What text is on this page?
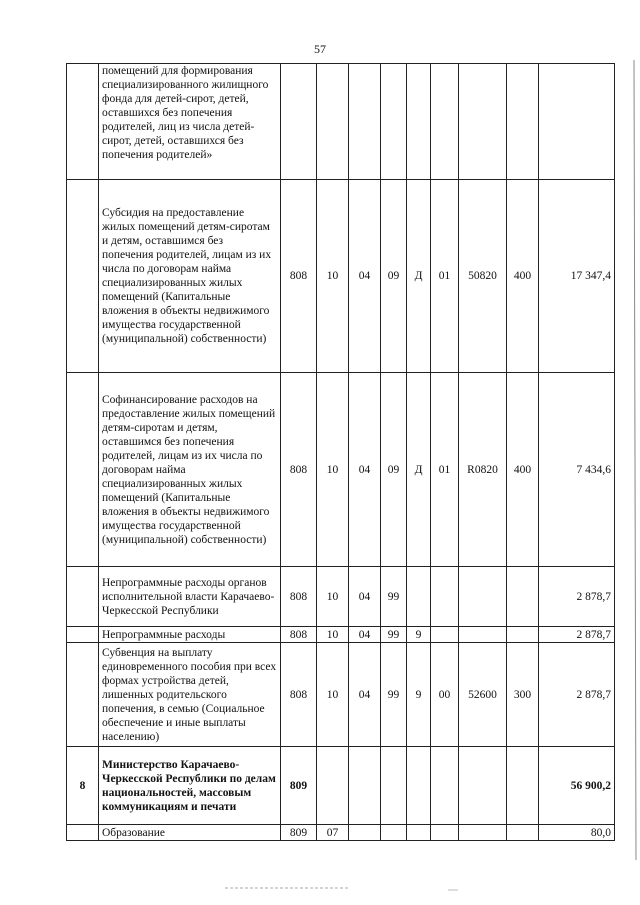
57
	помещений для формирования специализированного жилищного фонда для детей-сирот, детей, оставшихся без попечения родителей, лиц из числа детей-сирот, детей, оставшихся без попечения родителей»									
	Субсидия на предоставление жилых помещений детям-сиротам и детям, оставшимся без попечения родителей, лицам из их числа по договорам найма специализированных жилых помещений (Капитальные вложения в объекты недвижимого имущества государственной (муниципальной) собственности)	808	10	04	09	Д	01	50820	400	17 347,4
	Софинансирование расходов на предоставление жилых помещений детям-сиротам и детям, оставшимся без попечения родителей, лицам из их числа по договорам найма специализированных жилых помещений (Капитальные вложения в объекты недвижимого имущества государственной (муниципальной) собственности)	808	10	04	09	Д	01	R0820	400	7 434,6
	Непрограммные расходы органов исполнительной власти Карачаево-Черкесской Республики	808	10	04	99					2 878,7
	Непрограммные расходы	808	10	04	99	9				2 878,7
	Субвенция на выплату единовременного пособия при всех формах устройства детей, лишенных родительского попечения, в семью (Социальное обеспечение и иные выплаты населению)	808	10	04	99	9	00	52600	300	2 878,7
8	Министерство Карачаево-Черкесской Республики по делам национальностей, массовым коммуникациям и печати	809								56 900,2
	Образование	809	07							80,0
